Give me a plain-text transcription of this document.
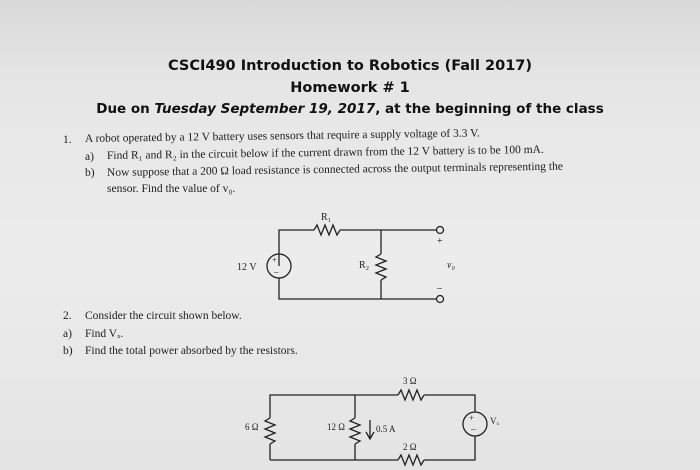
CSCI490 Introduction to Robotics (Fall 2017)
Homework # 1
Due on Tuesday September 19, 2017, at the beginning of the class
1. A robot operated by a 12 V battery uses sensors that require a supply voltage of 3.3 V.
a) Find R₁ and R₂ in the circuit below if the current drawn from the 12 V battery is to be 100 mA.
b) Now suppose that a 200 Ω load resistance is connected across the output terminals representing the
sensor. Find the value of v₀.
2. Consider the circuit shown below.
a) Find Vₓ.
b) Find the total power absorbed by the resistors.
+
–
12 V
R₁
R₂
+
–
v₀
6 Ω	12 Ω	0.5 A
3 Ω
2 Ω
+
–
Vₓ
